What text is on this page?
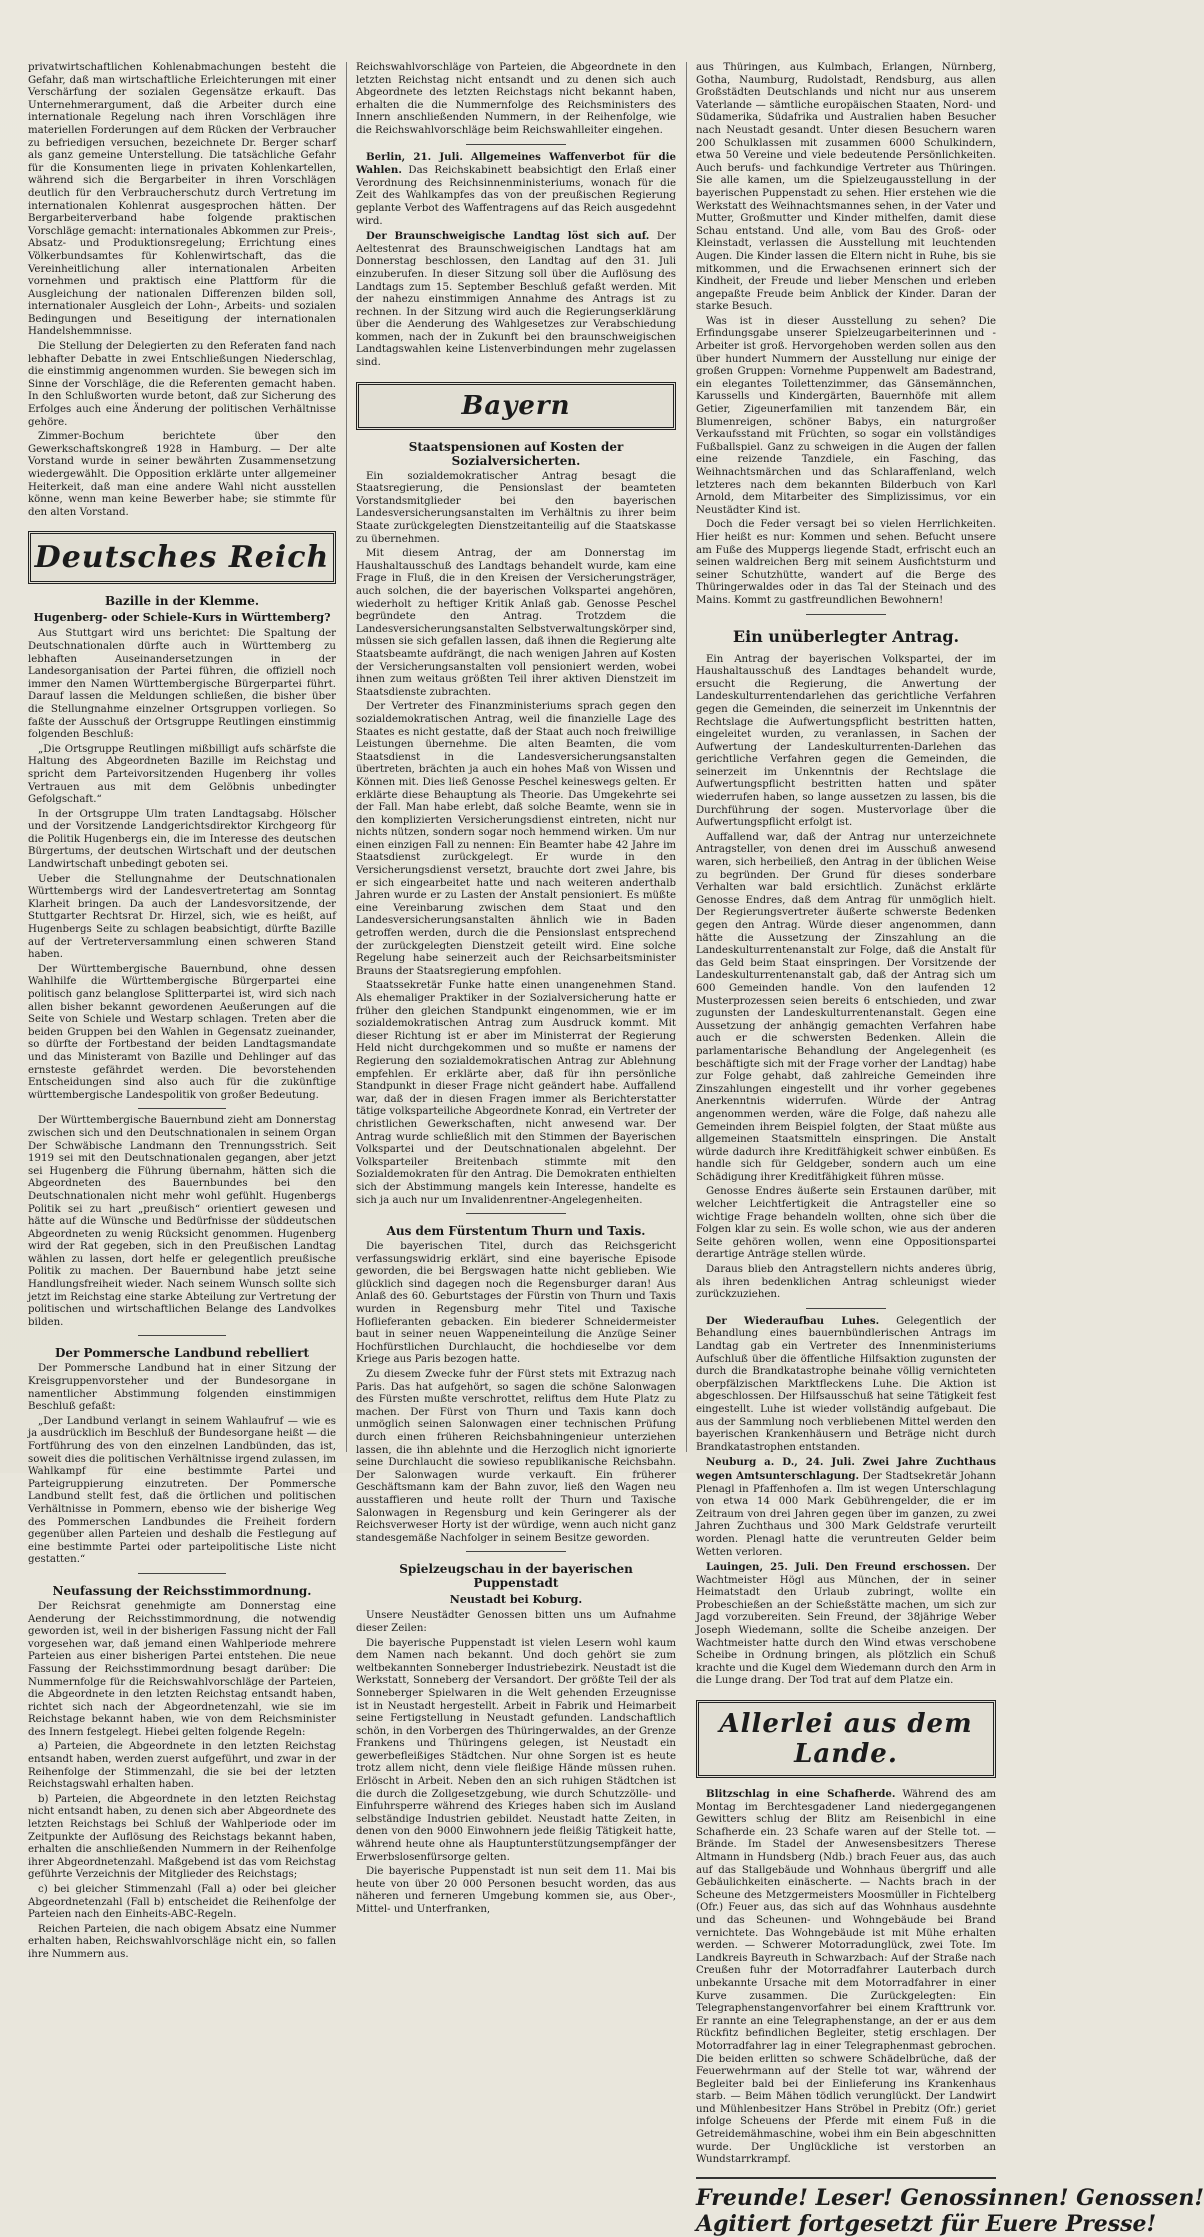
privatwirtschaftlichen Kohlenabmachungen besteht die Gefahr, daß man wirtschaftliche Erleichterungen mit einer Verschärfung der sozialen Gegensätze erkauft. Das Unternehmerargument, daß die Arbeiter durch eine internationale Regelung nach ihren Vorschlägen ihre materiellen Forderungen auf dem Rücken der Verbraucher zu befriedigen versuchen, bezeichnete Dr. Berger scharf als ganz gemeine Unterstellung. Die tatsächliche Gefahr für die Konsumenten liege in privaten Kohlenkartellen, während sich die Bergarbeiter in ihren Vorschlägen deutlich für den Verbraucherschutz durch Vertretung im internationalen Kohlenrat ausgesprochen hätten. Der Bergarbeiterverband habe folgende praktischen Vorschläge gemacht: internationales Abkommen zur Preis-, Absatz- und Produktionsregelung; Errichtung eines Völkerbundsamtes für Kohlenwirtschaft, das die Vereinheitlichung aller internationalen Arbeiten vornehmen und praktisch eine Plattform für die Ausgleichung der nationalen Differenzen bilden soll, internationaler Ausgleich der Lohn-, Arbeits- und sozialen Bedingungen und Beseitigung der internationalen Handelshemmnisse.

Die Stellung der Delegierten zu den Referaten fand nach lebhafter Debatte in zwei Entschließungen Niederschlag, die einstimmig angenommen wurden. Sie bewegen sich im Sinne der Vorschläge, die die Referenten gemacht haben. In den Schlußworten wurde betont, daß zur Sicherung des Erfolges auch eine Änderung der politischen Verhältnisse gehöre.

Zimmer-Bochum berichtete über den Gewerkschaftskongreß 1928 in Hamburg. — Der alte Vorstand wurde in seiner bewährten Zusammensetzung wiedergewählt. Die Opposition erklärte unter allgemeiner Heiterkeit, daß man eine andere Wahl nicht ausstellen könne, wenn man keine Bewerber habe; sie stimmte für den alten Vorstand.

Deutsches Reich
Bazille in der Klemme.
Hugenberg- oder Schiele-Kurs in Württemberg?

Aus Stuttgart wird uns berichtet: Die Spaltung der Deutschnationalen dürfte auch in Württemberg zu lebhaften Auseinandersetzungen in der Landesorganisation der Partei führen, die offiziell noch immer den Namen Württembergische Bürgerpartei führt. Darauf lassen die Meldungen schließen, die bisher über die Stellungnahme einzelner Ortsgruppen vorliegen. So faßte der Ausschuß der Ortsgruppe Reutlingen einstimmig folgenden Beschluß:

„Die Ortsgruppe Reutlingen mißbilligt aufs schärfste die Haltung des Abgeordneten Bazille im Reichstag und spricht dem Parteivorsitzenden Hugenberg ihr volles Vertrauen aus mit dem Gelöbnis unbedingter Gefolgschaft.“

In der Ortsgruppe Ulm traten Landtagsabg. Hölscher und der Vorsitzende Landgerichtsdirektor Kirchgeorg für die Politik Hugenbergs ein, die im Interesse des deutschen Bürgertums, der deutschen Wirtschaft und der deutschen Landwirtschaft unbedingt geboten sei.

Ueber die Stellungnahme der Deutschnationalen Württembergs wird der Landesvertretertag am Sonntag Klarheit bringen. Da auch der Landesvorsitzende, der Stuttgarter Rechtsrat Dr. Hirzel, sich, wie es heißt, auf Hugenbergs Seite zu schlagen beabsichtigt, dürfte Bazille auf der Vertreterversammlung einen schweren Stand haben.

Der Württembergische Bauernbund, ohne dessen Wahlhilfe die Württembergische Bürgerpartei eine politisch ganz belanglose Splitterpartei ist, wird sich nach allen bisher bekannt gewordenen Aeußerungen auf die Seite von Schiele und Westarp schlagen. Treten aber die beiden Gruppen bei den Wahlen in Gegensatz zueinander, so dürfte der Fortbestand der beiden Landtagsmandate und das Ministeramt von Bazille und Dehlinger auf das ernsteste gefährdet werden. Die bevorstehenden Entscheidungen sind also auch für die zukünftige württembergische Landespolitik von großer Bedeutung.

Der Württembergische Bauernbund zieht am Donnerstag zwischen sich und den Deutschnationalen in seinem Organ Der Schwäbische Landmann den Trennungsstrich. Seit 1919 sei mit den Deutschnationalen gegangen, aber jetzt sei Hugenberg die Führung übernahm, hätten sich die Abgeordneten des Bauernbundes bei den Deutschnationalen nicht mehr wohl gefühlt. Hugenbergs Politik sei zu hart „preußisch“ orientiert gewesen und hätte auf die Wünsche und Bedürfnisse der süddeutschen Abgeordneten zu wenig Rücksicht genommen. Hugenberg wird der Rat gegeben, sich in den Preußischen Landtag wählen zu lassen, dort helfe er gelegentlich preußische Politik zu machen. Der Bauernbund habe jetzt seine Handlungsfreiheit wieder. Nach seinem Wunsch sollte sich jetzt im Reichstag eine starke Abteilung zur Vertretung der politischen und wirtschaftlichen Belange des Landvolkes bilden.

Der Pommersche Landbund rebelliert

Der Pommersche Landbund hat in einer Sitzung der Kreisgruppenvorsteher und der Bundesorgane in namentlicher Abstimmung folgenden einstimmigen Beschluß gefaßt:

„Der Landbund verlangt in seinem Wahlaufruf — wie es ja ausdrücklich im Beschluß der Bundesorgane heißt — die Fortführung des von den einzelnen Landbünden, das ist, soweit dies die politischen Verhältnisse irgend zulassen, im Wahlkampf für eine bestimmte Partei und Parteigruppierung einzutreten. Der Pommersche Landbund stellt fest, daß die örtlichen und politischen Verhältnisse in Pommern, ebenso wie der bisherige Weg des Pommerschen Landbundes die Freiheit fordern gegenüber allen Parteien und deshalb die Festlegung auf eine bestimmte Partei oder parteipolitische Liste nicht gestatten.“

Neufassung der Reichsstimmordnung.

Der Reichsrat genehmigte am Donnerstag eine Aenderung der Reichsstimmordnung, die notwendig geworden ist, weil in der bisherigen Fassung nicht der Fall vorgesehen war, daß jemand einen Wahlperiode mehrere Parteien aus einer bisherigen Partei entstehen. Die neue Fassung der Reichsstimmordnung besagt darüber: Die Nummernfolge für die Reichswahlvorschläge der Parteien, die Abgeordnete in den letzten Reichstag entsandt haben, richtet sich nach der Abgeordnetenzahl, wie sie im Reichstage bekannt haben, wie von dem Reichsminister des Innern festgelegt. Hiebei gelten folgende Regeln:

a) Parteien, die Abgeordnete in den letzten Reichstag entsandt haben, werden zuerst aufgeführt, und zwar in der Reihenfolge der Stimmenzahl, die sie bei der letzten Reichstagswahl erhalten haben.

b) Parteien, die Abgeordnete in den letzten Reichstag nicht entsandt haben, zu denen sich aber Abgeordnete des letzten Reichstags bei Schluß der Wahlperiode oder im Zeitpunkte der Auflösung des Reichstags bekannt haben, erhalten die anschließenden Nummern in der Reihenfolge ihrer Abgeordnetenzahl. Maßgebend ist das vom Reichstag geführte Verzeichnis der Mitglieder des Reichstags;

c) bei gleicher Stimmenzahl (Fall a) oder bei gleicher Abgeordnetenzahl (Fall b) entscheidet die Reihenfolge der Parteien nach den Einheits-ABC-Regeln.

Reichen Parteien, die nach obigem Absatz eine Nummer erhalten haben, Reichswahlvorschläge nicht ein, so fallen ihre Nummern aus.

Reichswahlvorschläge von Parteien, die Abgeordnete in den letzten Reichstag nicht entsandt und zu denen sich auch Abgeordnete des letzten Reichstags nicht bekannt haben, erhalten die die Nummernfolge des Reichsministers des Innern anschließenden Nummern, in der Reihenfolge, wie die Reichswahlvorschläge beim Reichswahlleiter eingehen.

Berlin, 21. Juli. Allgemeines Waffenverbot für die Wahlen. Das Reichskabinett beabsichtigt den Erlaß einer Verordnung des Reichsinnenministeriums, wonach für die Zeit des Wahlkampfes das von der preußischen Regierung geplante Verbot des Waffentragens auf das Reich ausgedehnt wird.

Der Braunschweigische Landtag löst sich auf. Der Aeltestenrat des Braunschweigischen Landtags hat am Donnerstag beschlossen, den Landtag auf den 31. Juli einzuberufen. In dieser Sitzung soll über die Auflösung des Landtags zum 15. September Beschluß gefaßt werden. Mit der nahezu einstimmigen Annahme des Antrags ist zu rechnen. In der Sitzung wird auch die Regierungserklärung über die Aenderung des Wahlgesetzes zur Verabschiedung kommen, nach der in Zukunft bei den braunschweigischen Landtagswahlen keine Listenverbindungen mehr zugelassen sind.

Bayern
Staatspensionen auf Kosten der Sozialversicherten.

Ein sozialdemokratischer Antrag besagt die Staatsregierung, die Pensionslast der beamteten Vorstandsmitglieder bei den bayerischen Landesversicherungsanstalten im Verhältnis zu ihrer beim Staate zurückgelegten Dienstzeitanteilig auf die Staatskasse zu übernehmen.

Mit diesem Antrag, der am Donnerstag im Haushaltausschuß des Landtags behandelt wurde, kam eine Frage in Fluß, die in den Kreisen der Versicherungsträger, auch solchen, die der bayerischen Volkspartei angehören, wiederholt zu heftiger Kritik Anlaß gab. Genosse Peschel begründete den Antrag. Trotzdem die Landesversicherungsanstalten Selbstverwaltungskörper sind, müssen sie sich gefallen lassen, daß ihnen die Regierung alte Staatsbeamte aufdrängt, die nach wenigen Jahren auf Kosten der Versicherungsanstalten voll pensioniert werden, wobei ihnen zum weitaus größten Teil ihrer aktiven Dienstzeit im Staatsdienste zubrachten.

Der Vertreter des Finanzministeriums sprach gegen den sozialdemokratischen Antrag, weil die finanzielle Lage des Staates es nicht gestatte, daß der Staat auch noch freiwillige Leistungen übernehme. Die alten Beamten, die vom Staatsdienst in die Landesversicherungsanstalten übertreten, brächten ja auch ein hohes Maß von Wissen und Können mit. Dies ließ Genosse Peschel keineswegs gelten. Er erklärte diese Behauptung als Theorie. Das Umgekehrte sei der Fall. Man habe erlebt, daß solche Beamte, wenn sie in den komplizierten Versicherungsdienst eintreten, nicht nur nichts nützen, sondern sogar noch hemmend wirken. Um nur einen einzigen Fall zu nennen: Ein Beamter habe 42 Jahre im Staatsdienst zurückgelegt. Er wurde in den Versicherungsdienst versetzt, brauchte dort zwei Jahre, bis er sich eingearbeitet hatte und nach weiteren anderthalb Jahren wurde er zu Lasten der Anstalt pensioniert. Es müßte eine Vereinbarung zwischen dem Staat und den Landesversicherungsanstalten ähnlich wie in Baden getroffen werden, durch die die Pensionslast entsprechend der zurückgelegten Dienstzeit geteilt wird. Eine solche Regelung habe seinerzeit auch der Reichsarbeitsminister Brauns der Staatsregierung empfohlen.

Staatssekretär Funke hatte einen unangenehmen Stand. Als ehemaliger Praktiker in der Sozialversicherung hatte er früher den gleichen Standpunkt eingenommen, wie er im sozialdemokratischen Antrag zum Ausdruck kommt. Mit dieser Richtung ist er aber im Ministerrat der Regierung Held nicht durchgekommen und so mußte er namens der Regierung den sozialdemokratischen Antrag zur Ablehnung empfehlen. Er erklärte aber, daß für ihn persönliche Standpunkt in dieser Frage nicht geändert habe. Auffallend war, daß der in diesen Fragen immer als Berichterstatter tätige volksparteiliche Abgeordnete Konrad, ein Vertreter der christlichen Gewerkschaften, nicht anwesend war. Der Antrag wurde schließlich mit den Stimmen der Bayerischen Volkspartei und der Deutschnationalen abgelehnt. Der Volksparteiler Breitenbach stimmte mit den Sozialdemokraten für den Antrag. Die Demokraten enthielten sich der Abstimmung mangels kein Interesse, handelte es sich ja auch nur um Invalidenrentner-Angelegenheiten.

Aus dem Fürstentum Thurn und Taxis.

Die bayerischen Titel, durch das Reichsgericht verfassungswidrig erklärt, sind eine bayerische Episode geworden, die bei Bergswagen hatte nicht geblieben. Wie glücklich sind dagegen noch die Regensburger daran! Aus Anlaß des 60. Geburtstages der Fürstin von Thurn und Taxis wurden in Regensburg mehr Titel und Taxische Hoflieferanten gebacken. Ein biederer Schneidermeister baut in seiner neuen Wappeneinteilung die Anzüge Seiner Hochfürstlichen Durchlaucht, die hochdieselbe vor dem Kriege aus Paris bezogen hatte.

Zu diesem Zwecke fuhr der Fürst stets mit Extrazug nach Paris. Das hat aufgehört, so sagen die schöne Salonwagen des Fürsten mußte verschrottet, reliftus dem Hute Platz zu machen. Der Fürst von Thurn und Taxis kann doch unmöglich seinen Salonwagen einer technischen Prüfung durch einen früheren Reichsbahningenieur unterziehen lassen, die ihn ablehnte und die Herzoglich nicht ignorierte seine Durchlaucht die sowieso republikanische Reichsbahn. Der Salonwagen wurde verkauft. Ein früherer Geschäftsmann kam der Bahn zuvor, ließ den Wagen neu ausstaffieren und heute rollt der Thurn und Taxische Salonwagen in Regensburg und kein Geringerer als der Reichsverweser Horty ist der würdige, wenn auch nicht ganz standesgemäße Nachfolger in seinem Besitze geworden.

Spielzeugschau in der bayerischen Puppenstadt
Neustadt bei Koburg.

Unsere Neustädter Genossen bitten uns um Aufnahme dieser Zeilen:

Die bayerische Puppenstadt ist vielen Lesern wohl kaum dem Namen nach bekannt. Und doch gehört sie zum weltbekannten Sonneberger Industriebezirk. Neustadt ist die Werkstatt, Sonneberg der Versandort. Der größte Teil der als Sonneberger Spielwaren in die Welt gehenden Erzeugnisse ist in Neustadt hergestellt. Arbeit in Fabrik und Heimarbeit seine Fertigstellung in Neustadt gefunden. Landschaftlich schön, in den Vorbergen des Thüringerwaldes, an der Grenze Frankens und Thüringens gelegen, ist Neustadt ein gewerbefleißiges Städtchen. Nur ohne Sorgen ist es heute trotz allem nicht, denn viele fleißige Hände müssen ruhen. Erlöscht in Arbeit. Neben den an sich ruhigen Städtchen ist die durch die Zollgesetzgebung, wie durch Schutzzölle- und Einfuhrsperre während des Krieges haben sich im Ausland selbständige Industrien gebildet. Neustadt hatte Zeiten, in denen von den 9000 Einwohnern jede fleißig Tätigkeit hatte, während heute ohne als Hauptunterstützungsempfänger der Erwerbslosenfürsorge gelten.

Die bayerische Puppenstadt ist nun seit dem 11. Mai bis heute von über 20 000 Personen besucht worden, das aus näheren und ferneren Umgebung kommen sie, aus Ober-, Mittel- und Unterfranken,

aus Thüringen, aus Kulmbach, Erlangen, Nürnberg, Gotha, Naumburg, Rudolstadt, Rendsburg, aus allen Großstädten Deutschlands und nicht nur aus unserem Vaterlande — sämtliche europäischen Staaten, Nord- und Südamerika, Südafrika und Australien haben Besucher nach Neustadt gesandt. Unter diesen Besuchern waren 200 Schulklassen mit zusammen 6000 Schulkindern, etwa 50 Vereine und viele bedeutende Persönlichkeiten. Auch berufs- und fachkundige Vertreter aus Thüringen. Sie alle kamen, um die Spielzeugausstellung in der bayerischen Puppenstadt zu sehen. Hier erstehen wie die Werkstatt des Weihnachtsmannes sehen, in der Vater und Mutter, Großmutter und Kinder mithelfen, damit diese Schau entstand. Und alle, vom Bau des Groß- oder Kleinstadt, verlassen die Ausstellung mit leuchtenden Augen. Die Kinder lassen die Eltern nicht in Ruhe, bis sie mitkommen, und die Erwachsenen erinnert sich der Kindheit, der Freude und lieber Menschen und erleben angepaßte Freude beim Anblick der Kinder. Daran der starke Besuch.

Was ist in dieser Ausstellung zu sehen? Die Erfindungsgabe unserer Spielzeugarbeiterinnen und -Arbeiter ist groß. Hervorgehoben werden sollen aus den über hundert Nummern der Ausstellung nur einige der großen Gruppen: Vornehme Puppenwelt am Badestrand, ein elegantes Toilettenzimmer, das Gänsemännchen, Karussells und Kindergärten, Bauernhöfe mit allem Getier, Zigeunerfamilien mit tanzendem Bär, ein Blumenreigen, schöner Babys, ein naturgroßer Verkaufsstand mit Früchten, so sogar ein vollständiges Fußballspiel. Ganz zu schweigen in die Augen der fallen eine reizende Tanzdiele, ein Fasching, das Weihnachtsmärchen und das Schlaraffenland, welch letzteres nach dem bekannten Bilderbuch von Karl Arnold, dem Mitarbeiter des Simplizissimus, vor ein Neustädter Kind ist.

Doch die Feder versagt bei so vielen Herrlichkeiten. Hier heißt es nur: Kommen und sehen. Befucht unsere am Fuße des Muppergs liegende Stadt, erfrischt euch an seinen waldreichen Berg mit seinem Ausfichtsturm und seiner Schutzhütte, wandert auf die Berge des Thüringerwaldes oder in das Tal der Steinach und des Mains. Kommt zu gastfreundlichen Bewohnern!

Ein unüberlegter Antrag.

Ein Antrag der bayerischen Volkspartei, der im Haushaltausschuß des Landtages behandelt wurde, ersucht die Regierung, die Anwertung der Landeskulturrentendarlehen das gerichtliche Verfahren gegen die Gemeinden, die seinerzeit im Unkenntnis der Rechtslage die Aufwertungspflicht bestritten hatten, eingeleitet wurden, zu veranlassen, in Sachen der Aufwertung der Landeskulturrenten-Darlehen das gerichtliche Verfahren gegen die Gemeinden, die seinerzeit im Unkenntnis der Rechtslage die Aufwertungspflicht bestritten hatten und später wiederrufen haben, so lange aussetzen zu lassen, bis die Durchführung der sogen. Mustervorlage über die Aufwertungspflicht erfolgt ist.

Auffallend war, daß der Antrag nur unterzeichnete Antragsteller, von denen drei im Ausschuß anwesend waren, sich herbeiließ, den Antrag in der üblichen Weise zu begründen. Der Grund für dieses sonderbare Verhalten war bald ersichtlich. Zunächst erklärte Genosse Endres, daß dem Antrag für unmöglich hielt. Der Regierungsvertreter äußerte schwerste Bedenken gegen den Antrag. Würde dieser angenommen, dann hätte die Aussetzung der Zinszahlung an die Landeskulturrentenanstalt zur Folge, daß die Anstalt für das Geld beim Staat einspringen. Der Vorsitzende der Landeskulturrentenanstalt gab, daß der Antrag sich um 600 Gemeinden handle. Von den laufenden 12 Musterprozessen seien bereits 6 entschieden, und zwar zugunsten der Landeskulturrentenanstalt. Gegen eine Aussetzung der anhängig gemachten Verfahren habe auch er die schwersten Bedenken. Allein die parlamentarische Behandlung der Angelegenheit (es beschäftigte sich mit der Frage vorher der Landtag) habe zur Folge gehabt, daß zahlreiche Gemeinden ihre Zinszahlungen eingestellt und ihr vorher gegebenes Anerkenntnis widerrufen. Würde der Antrag angenommen werden, wäre die Folge, daß nahezu alle Gemeinden ihrem Beispiel folgten, der Staat müßte aus allgemeinen Staatsmitteln einspringen. Die Anstalt würde dadurch ihre Kreditfähigkeit schwer einbüßen. Es handle sich für Geldgeber, sondern auch um eine Schädigung ihrer Kreditfähigkeit führen müsse.

Genosse Endres äußerte sein Erstaunen darüber, mit welcher Leichtfertigkeit die Antragsteller eine so wichtige Frage behandeln wollten, ohne sich über die Folgen klar zu sein. Es wolle schon, wie aus der anderen Seite gehören wollen, wenn eine Oppositionspartei derartige Anträge stellen würde.

Daraus blieb den Antragstellern nichts anderes übrig, als ihren bedenklichen Antrag schleunigst wieder zurückzuziehen.

Der Wiederaufbau Luhes. Gelegentlich der Behandlung eines bauernbündlerischen Antrags im Landtag gab ein Vertreter des Innenministeriums Aufschluß über die öffentliche Hilfsaktion zugunsten der durch die Brandkatastrophe beinahe völlig vernichteten oberpfälzischen Marktfleckens Luhe. Die Aktion ist abgeschlossen. Der Hilfsausschuß hat seine Tätigkeit fest eingestellt. Luhe ist wieder vollständig aufgebaut. Die aus der Sammlung noch verbliebenen Mittel werden den bayerischen Krankenhäusern und Beträge nicht durch Brandkatastrophen entstanden.

Neuburg a. D., 24. Juli. Zwei Jahre Zuchthaus wegen Amtsunterschlagung. Der Stadtsekretär Johann Plenagl in Pfaffenhofen a. Ilm ist wegen Unterschlagung von etwa 14 000 Mark Gebührengelder, die er im Zeitraum von drei Jahren gegen über im ganzen, zu zwei Jahren Zuchthaus und 300 Mark Geldstrafe verurteilt worden. Plenagl hatte die veruntreuten Gelder beim Wetten verloren.

Lauingen, 25. Juli. Den Freund erschossen. Der Wachtmeister Högl aus München, der in seiner Heimatstadt den Urlaub zubringt, wollte ein Probeschießen an der Schießstätte machen, um sich zur Jagd vorzubereiten. Sein Freund, der 38jährige Weber Joseph Wiedemann, sollte die Scheibe anzeigen. Der Wachtmeister hatte durch den Wind etwas verschobene Scheibe in Ordnung bringen, als plötzlich ein Schuß krachte und die Kugel dem Wiedemann durch den Arm in die Lunge drang. Der Tod trat auf dem Platze ein.

Allerlei aus dem Lande.

Blitzschlag in eine Schafherde. Während des am Montag im Berchtesgadener Land niedergegangenen Gewitters schlug der Blitz am Reisenbichl in eine Schafherde ein. 23 Schafe waren auf der Stelle tot. — Brände. Im Stadel der Anwesensbesitzers Therese Altmann in Hundsberg (Ndb.) brach Feuer aus, das auch auf das Stallgebäude und Wohnhaus übergriff und alle Gebäulichkeiten einäscherte. — Nachts brach in der Scheune des Metzgermeisters Moosmüller in Fichtelberg (Ofr.) Feuer aus, das sich auf das Wohnhaus ausdehnte und das Scheunen- und Wohngebäude bei Brand vernichtete. Das Wohngebäude ist mit Mühe erhalten werden. — Schwerer Motorradunglück, zwei Tote. Im Landkreis Bayreuth in Schwarzbach: Auf der Straße nach Creußen fuhr der Motorradfahrer Lauterbach durch unbekannte Ursache mit dem Motorradfahrer in einer Kurve zusammen. Die Zurückgelegten: Ein Telegraphenstangenvorfahrer bei einem Krafttrunk vor. Er rannte an eine Telegraphenstange, an der er aus dem Rückfitz befindlichen Begleiter, stetig erschlagen. Der Motorradfahrer lag in einer Telegraphenmast gebrochen. Die beiden erlitten so schwere Schädelbrüche, daß der Feuerwehrmann auf der Stelle tot war, während der Begleiter bald bei der Einlieferung ins Krankenhaus starb. — Beim Mähen tödlich verunglückt. Der Landwirt und Mühlenbesitzer Hans Ströbel in Prebitz (Ofr.) geriet infolge Scheuens der Pferde mit einem Fuß in die Getreidemähmaschine, wobei ihm ein Bein abgeschnitten wurde. Der Unglückliche ist verstorben an Wundstarrkrampf.

Freunde! Leser! Genossinnen! Genossen!
Agitiert fortgesetzt für Euere Presse!
